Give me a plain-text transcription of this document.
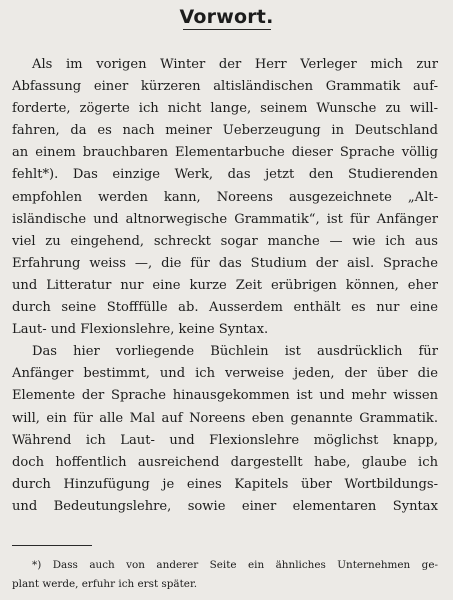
Vorwort.
Als im vorigen Winter der Herr Verleger mich zur
Abfassung einer kürzeren altisländischen Grammatik auf-
forderte, zögerte ich nicht lange, seinem Wunsche zu will-
fahren, da es nach meiner Ueberzeugung in Deutschland
an einem brauchbaren Elementarbuche dieser Sprache völlig
fehlt*). Das einzige Werk, das jetzt den Studierenden
empfohlen werden kann, Noreens ausgezeichnete „Alt-
isländische und altnorwegische Grammatik“, ist für Anfänger
viel zu eingehend, schreckt sogar manche — wie ich aus
Erfahrung weiss —, die für das Studium der aisl. Sprache
und Litteratur nur eine kurze Zeit erübrigen können, eher
durch seine Stofffülle ab. Ausserdem enthält es nur eine
Laut- und Flexionslehre, keine Syntax.
Das hier vorliegende Büchlein ist ausdrücklich für
Anfänger bestimmt, und ich verweise jeden, der über die
Elemente der Sprache hinausgekommen ist und mehr wissen
will, ein für alle Mal auf Noreens eben genannte Grammatik.
Während ich Laut- und Flexionslehre möglichst knapp,
doch hoffentlich ausreichend dargestellt habe, glaube ich
durch Hinzufügung je eines Kapitels über Wortbildungs-
und Bedeutungslehre, sowie einer elementaren Syntax
*) Dass auch von anderer Seite ein ähnliches Unternehmen ge-
plant werde, erfuhr ich erst später.
